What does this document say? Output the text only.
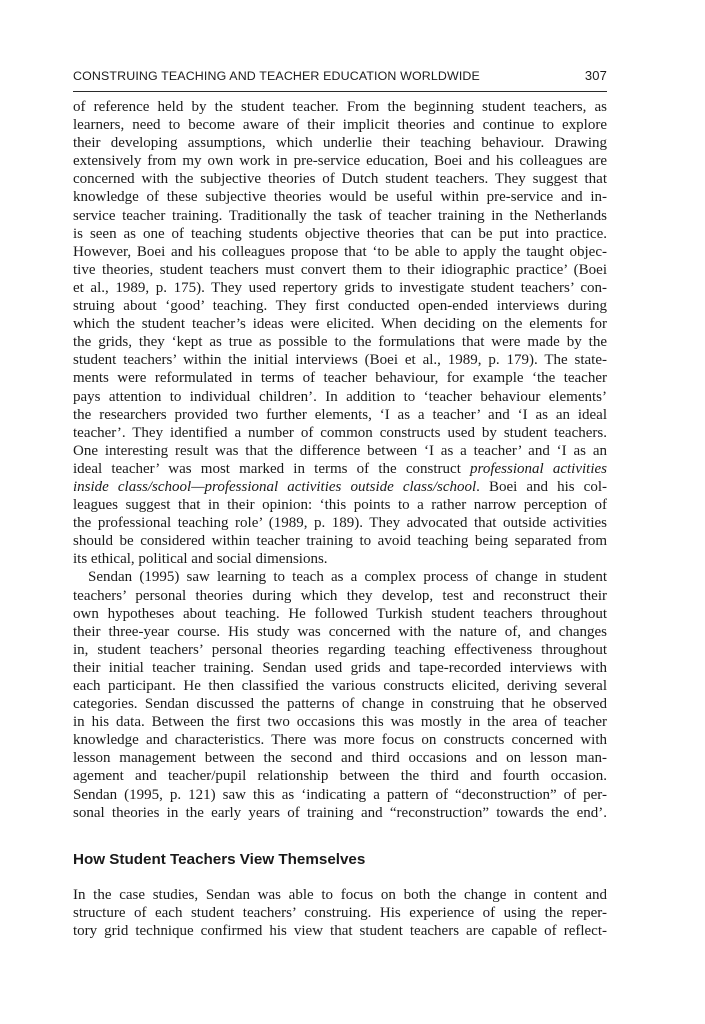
CONSTRUING TEACHING AND TEACHER EDUCATION WORLDWIDE	307
of reference held by the student teacher. From the beginning student teachers, as
learners, need to become aware of their implicit theories and continue to explore
their developing assumptions, which underlie their teaching behaviour. Drawing
extensively from my own work in pre-service education, Boei and his colleagues are
concerned with the subjective theories of Dutch student teachers. They suggest that
knowledge of these subjective theories would be useful within pre-service and in-
service teacher training. Traditionally the task of teacher training in the Netherlands
is seen as one of teaching students objective theories that can be put into practice.
However, Boei and his colleagues propose that ‘to be able to apply the taught objec-
tive theories, student teachers must convert them to their idiographic practice’ (Boei
et al., 1989, p. 175). They used repertory grids to investigate student teachers’ con-
struing about ‘good’ teaching. They first conducted open-ended interviews during
which the student teacher’s ideas were elicited. When deciding on the elements for
the grids, they ‘kept as true as possible to the formulations that were made by the
student teachers’ within the initial interviews (Boei et al., 1989, p. 179). The state-
ments were reformulated in terms of teacher behaviour, for example ‘the teacher
pays attention to individual children’. In addition to ‘teacher behaviour elements’
the researchers provided two further elements, ‘I as a teacher’ and ‘I as an ideal
teacher’. They identified a number of common constructs used by student teachers.
One interesting result was that the difference between ‘I as a teacher’ and ‘I as an
ideal teacher’ was most marked in terms of the construct professional activities
inside class/school—professional activities outside class/school. Boei and his col-
leagues suggest that in their opinion: ‘this points to a rather narrow perception of
the professional teaching role’ (1989, p. 189). They advocated that outside activities
should be considered within teacher training to avoid teaching being separated from
its ethical, political and social dimensions.
Sendan (1995) saw learning to teach as a complex process of change in student
teachers’ personal theories during which they develop, test and reconstruct their
own hypotheses about teaching. He followed Turkish student teachers throughout
their three-year course. His study was concerned with the nature of, and changes
in, student teachers’ personal theories regarding teaching effectiveness throughout
their initial teacher training. Sendan used grids and tape-recorded interviews with
each participant. He then classified the various constructs elicited, deriving several
categories. Sendan discussed the patterns of change in construing that he observed
in his data. Between the first two occasions this was mostly in the area of teacher
knowledge and characteristics. There was more focus on constructs concerned with
lesson management between the second and third occasions and on lesson man-
agement and teacher/pupil relationship between the third and fourth occasion.
Sendan (1995, p. 121) saw this as ‘indicating a pattern of “deconstruction” of per-
sonal theories in the early years of training and “reconstruction” towards the end’.
How Student Teachers View Themselves
In the case studies, Sendan was able to focus on both the change in content and
structure of each student teachers’ construing. His experience of using the reper-
tory grid technique confirmed his view that student teachers are capable of reflect-
